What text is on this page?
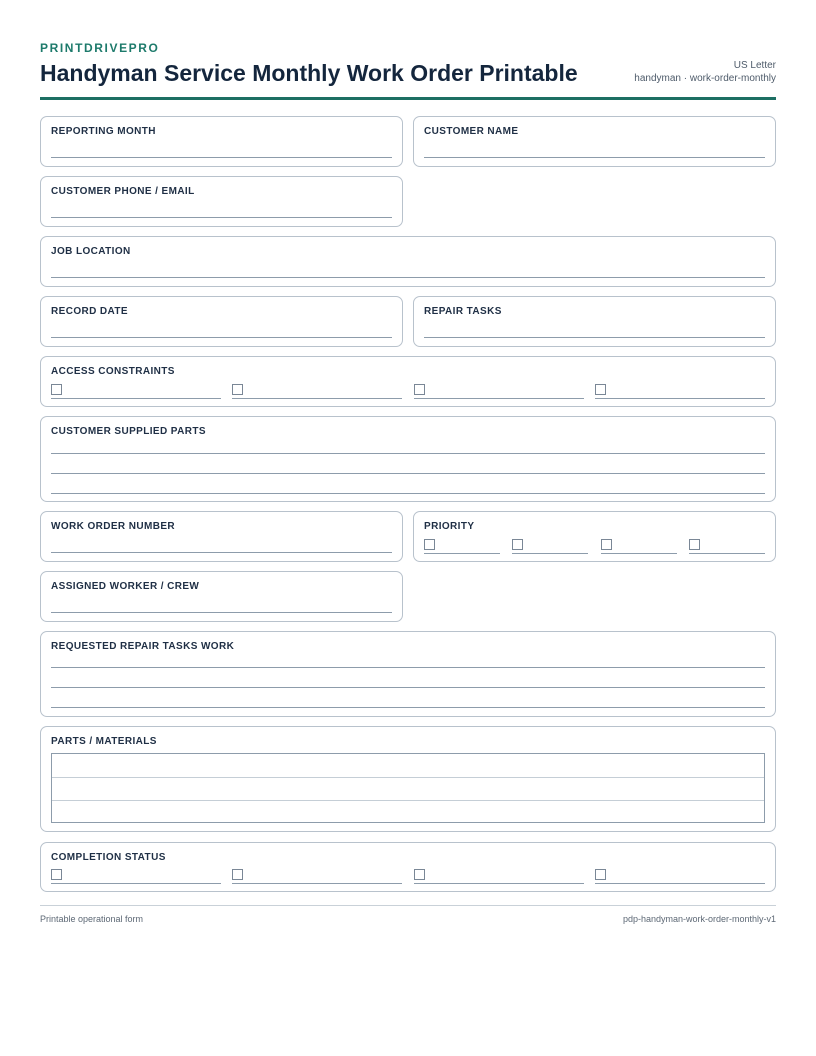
PRINTDRIVEPRO
Handyman Service Monthly Work Order Printable	US Letter
handyman · work-order-monthly
REPORTING MONTH	CUSTOMER NAME
CUSTOMER PHONE / EMAIL
JOB LOCATION
RECORD DATE	REPAIR TASKS
ACCESS CONSTRAINTS
CUSTOMER SUPPLIED PARTS
WORK ORDER NUMBER	PRIORITY
ASSIGNED WORKER / CREW
REQUESTED REPAIR TASKS WORK
PARTS / MATERIALS
COMPLETION STATUS
Printable operational form	pdp-handyman-work-order-monthly-v1
